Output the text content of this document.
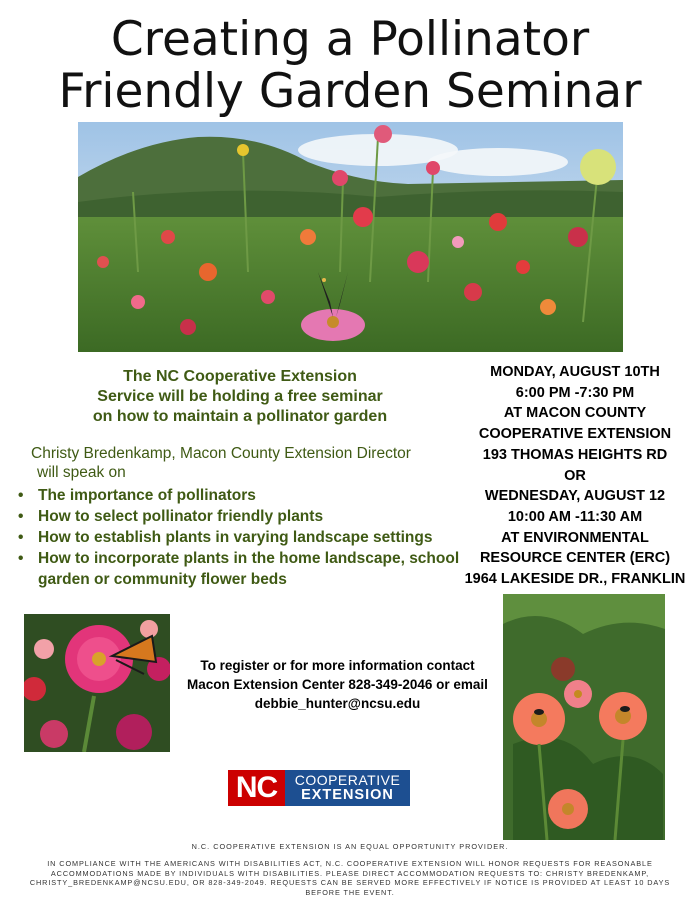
Creating a Pollinator
Friendly Garden Seminar
The NC Cooperative Extension
Service will be holding a free seminar
on how to maintain a pollinator garden
Christy Bredenkamp, Macon County Extension Director
will speak on
• The importance of pollinators
• How to select pollinator friendly plants
• How to establish plants in varying landscape settings
• How to incorporate plants in the home landscape, school
garden or community flower beds
MONDAY, AUGUST 10TH
6:00 PM -7:30 PM
AT MACON COUNTY
COOPERATIVE EXTENSION
193 THOMAS HEIGHTS RD
OR
WEDNESDAY, AUGUST 12
10:00 AM -11:30 AM
AT ENVIRONMENTAL
RESOURCE CENTER (ERC)
1964 LAKESIDE DR., FRANKLIN
To register or for more information contact
Macon Extension Center 828-349-2046 or email
debbie_hunter@ncsu.edu
NC	COOPERATIVE
EXTENSION
N.C. COOPERATIVE EXTENSION IS AN EQUAL OPPORTUNITY PROVIDER.
IN COMPLIANCE WITH THE AMERICANS WITH DISABILITIES ACT, N.C. COOPERATIVE EXTENSION WILL HONOR REQUESTS FOR REASONABLE
ACCOMMODATIONS MADE BY INDIVIDUALS WITH DISABILITIES. PLEASE DIRECT ACCOMMODATION REQUESTS TO: CHRISTY BREDENKAMP,
CHRISTY_BREDENKAMP@NCSU.EDU, OR 828-349-2049. REQUESTS CAN BE SERVED MORE EFFECTIVELY IF NOTICE IS PROVIDED AT LEAST 10 DAYS
BEFORE THE EVENT.
